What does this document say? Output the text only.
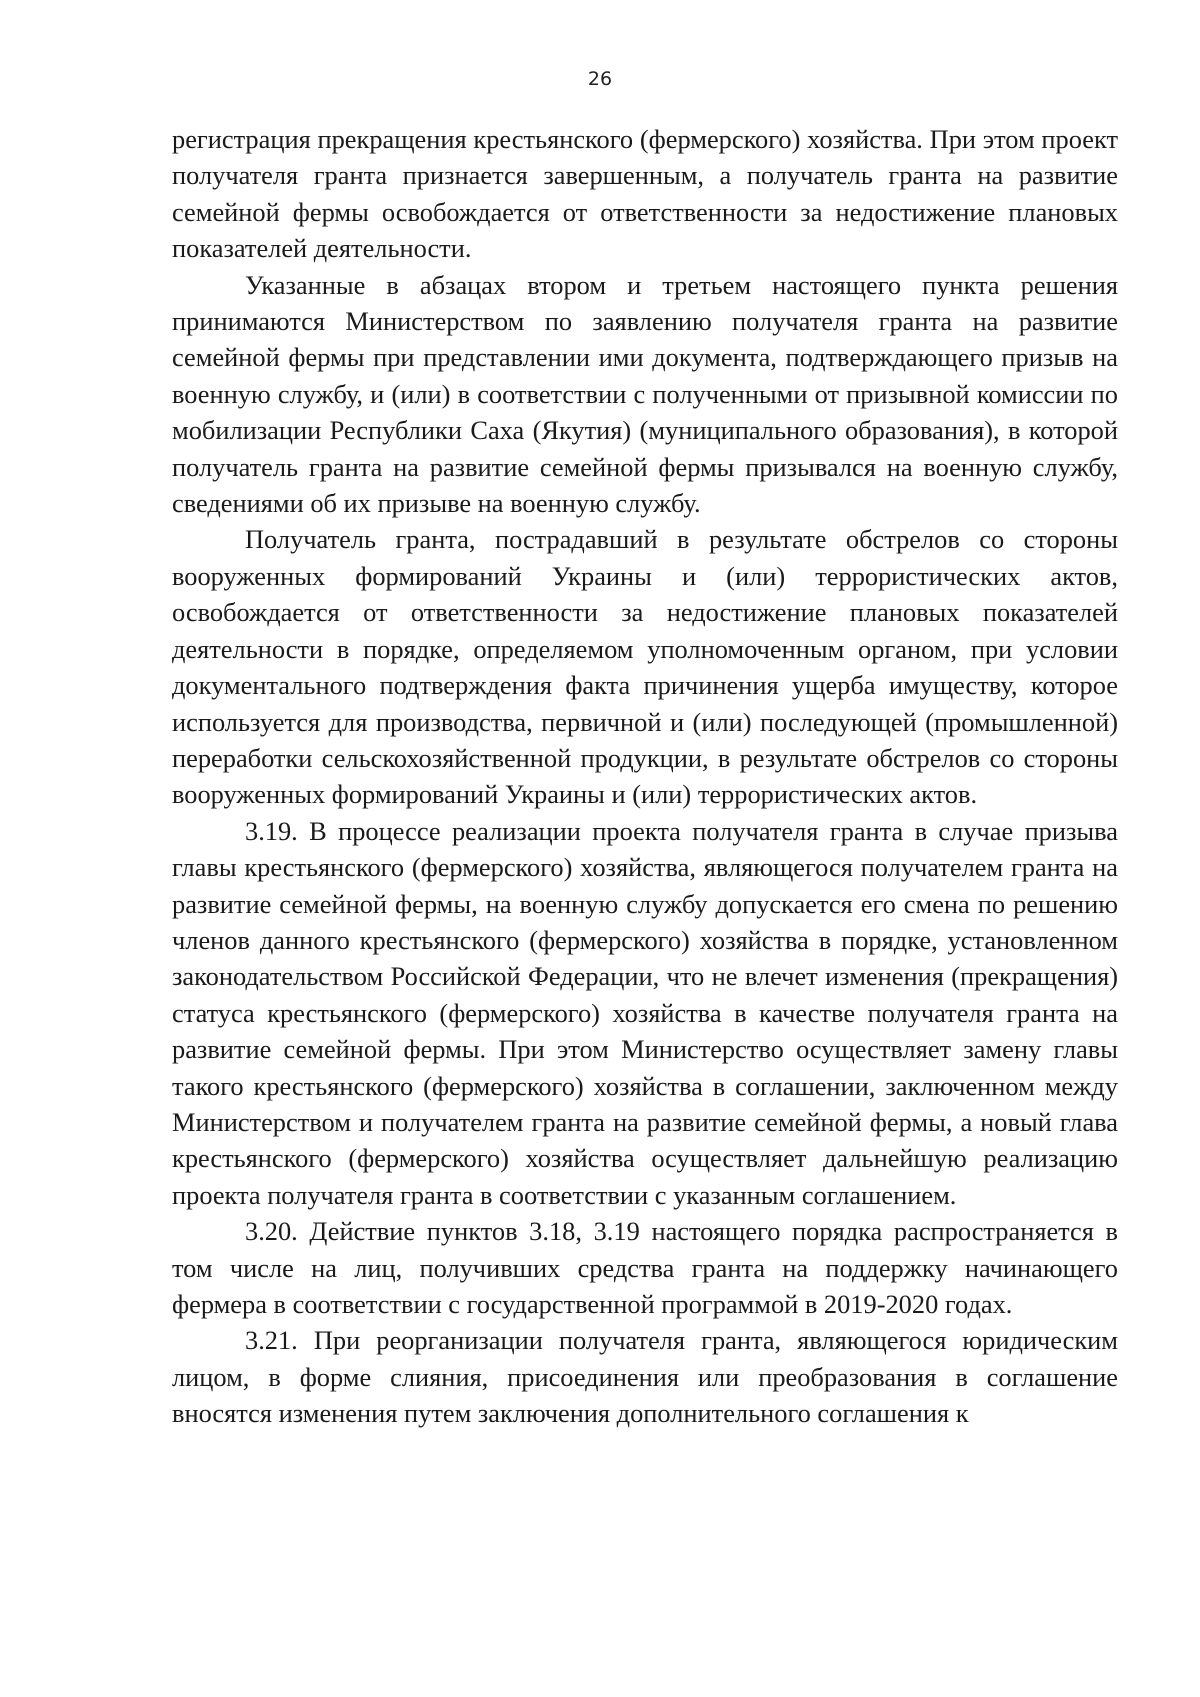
26

регистрация прекращения крестьянского (фермерского) хозяйства. При этом проект получателя гранта признается завершенным, а получатель гранта на развитие семейной фермы освобождается от ответственности за недостижение плановых показателей деятельности.

Указанные в абзацах втором и третьем настоящего пункта решения принимаются Министерством по заявлению получателя гранта на развитие семейной фермы при представлении ими документа, подтверждающего призыв на военную службу, и (или) в соответствии с полученными от призывной комиссии по мобилизации Республики Саха (Якутия) (муниципального образования), в которой получатель гранта на развитие семейной фермы призывался на военную службу, сведениями об их призыве на военную службу.

Получатель гранта, пострадавший в результате обстрелов со стороны вооруженных формирований Украины и (или) террористических актов, освобождается от ответственности за недостижение плановых показателей деятельности в порядке, определяемом уполномоченным органом, при условии документального подтверждения факта причинения ущерба имуществу, которое используется для производства, первичной и (или) последующей (промышленной) переработки сельскохозяйственной продукции, в результате обстрелов со стороны вооруженных формирований Украины и (или) террористических актов.

3.19. В процессе реализации проекта получателя гранта в случае призыва главы крестьянского (фермерского) хозяйства, являющегося получателем гранта на развитие семейной фермы, на военную службу допускается его смена по решению членов данного крестьянского (фермерского) хозяйства в порядке, установленном законодательством Российской Федерации, что не влечет изменения (прекращения) статуса крестьянского (фермерского) хозяйства в качестве получателя гранта на развитие семейной фермы. При этом Министерство осуществляет замену главы такого крестьянского (фермерского) хозяйства в соглашении, заключенном между Министерством и получателем гранта на развитие семейной фермы, а новый глава крестьянского (фермерского) хозяйства осуществляет дальнейшую реализацию проекта получателя гранта в соответствии с указанным соглашением.

3.20. Действие пунктов 3.18, 3.19 настоящего порядка распространяется в том числе на лиц, получивших средства гранта на поддержку начинающего фермера в соответствии с государственной программой в 2019-2020 годах.

3.21. При реорганизации получателя гранта, являющегося юридическим лицом, в форме слияния, присоединения или преобразования в соглашение вносятся изменения путем заключения дополнительного соглашения к
